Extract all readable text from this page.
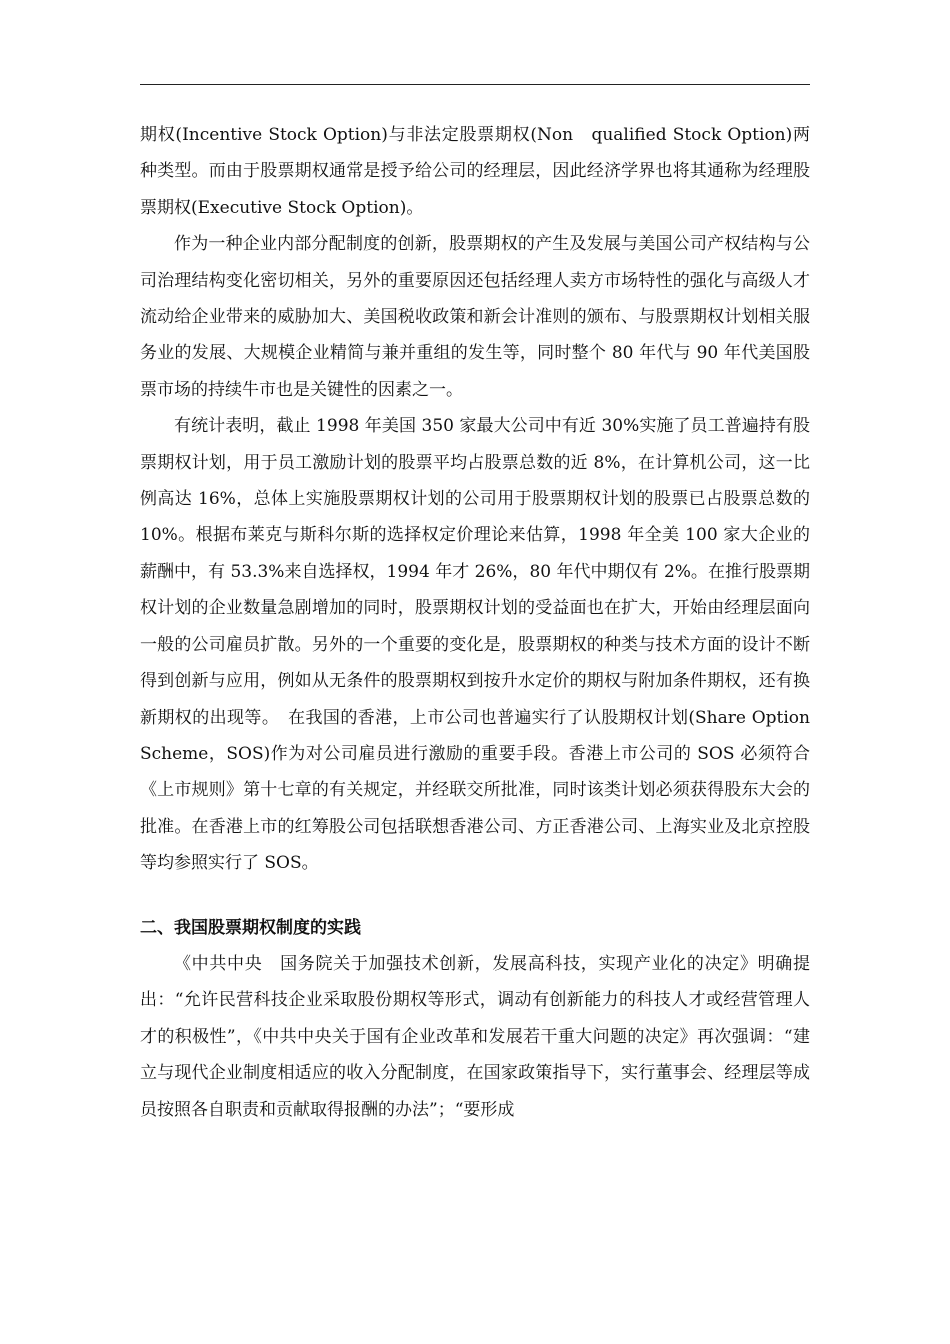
期权(Incentive Stock Option)与非法定股票期权(Non　qualified Stock Option)两种类型。而由于股票期权通常是授予给公司的经理层，因此经济学界也将其通称为经理股票期权(Executive Stock Option)。

作为一种企业内部分配制度的创新，股票期权的产生及发展与美国公司产权结构与公司治理结构变化密切相关，另外的重要原因还包括经理人卖方市场特性的强化与高级人才流动给企业带来的威胁加大、美国税收政策和新会计准则的颁布、与股票期权计划相关服务业的发展、大规模企业精简与兼并重组的发生等，同时整个 80 年代与 90 年代美国股票市场的持续牛市也是关键性的因素之一。

有统计表明，截止 1998 年美国 350 家最大公司中有近 30%实施了员工普遍持有股票期权计划，用于员工激励计划的股票平均占股票总数的近 8%，在计算机公司，这一比例高达 16%，总体上实施股票期权计划的公司用于股票期权计划的股票已占股票总数的 10%。根据布莱克与斯科尔斯的选择权定价理论来估算，1998 年全美 100 家大企业的薪酬中，有 53.3%来自选择权，1994 年才 26%，80 年代中期仅有 2%。在推行股票期权计划的企业数量急剧增加的同时，股票期权计划的受益面也在扩大，开始由经理层面向一般的公司雇员扩散。另外的一个重要的变化是，股票期权的种类与技术方面的设计不断得到创新与应用，例如从无条件的股票期权到按升水定价的期权与附加条件期权，还有换新期权的出现等。　在我国的香港，上市公司也普遍实行了认股期权计划(Share Option Scheme，SOS)作为对公司雇员进行激励的重要手段。香港上市公司的 SOS 必须符合《上市规则》第十七章的有关规定，并经联交所批准，同时该类计划必须获得股东大会的批准。在香港上市的红筹股公司包括联想香港公司、方正香港公司、上海实业及北京控股等均参照实行了 SOS。

二、我国股票期权制度的实践

《中共中央　国务院关于加强技术创新，发展高科技，实现产业化的决定》明确提出：“允许民营科技企业采取股份期权等形式，调动有创新能力的科技人才或经营管理人才的积极性”，《中共中央关于国有企业改革和发展若干重大问题的决定》再次强调：“建立与现代企业制度相适应的收入分配制度，在国家政策指导下，实行董事会、经理层等成员按照各自职责和贡献取得报酬的办法”；“要形成
